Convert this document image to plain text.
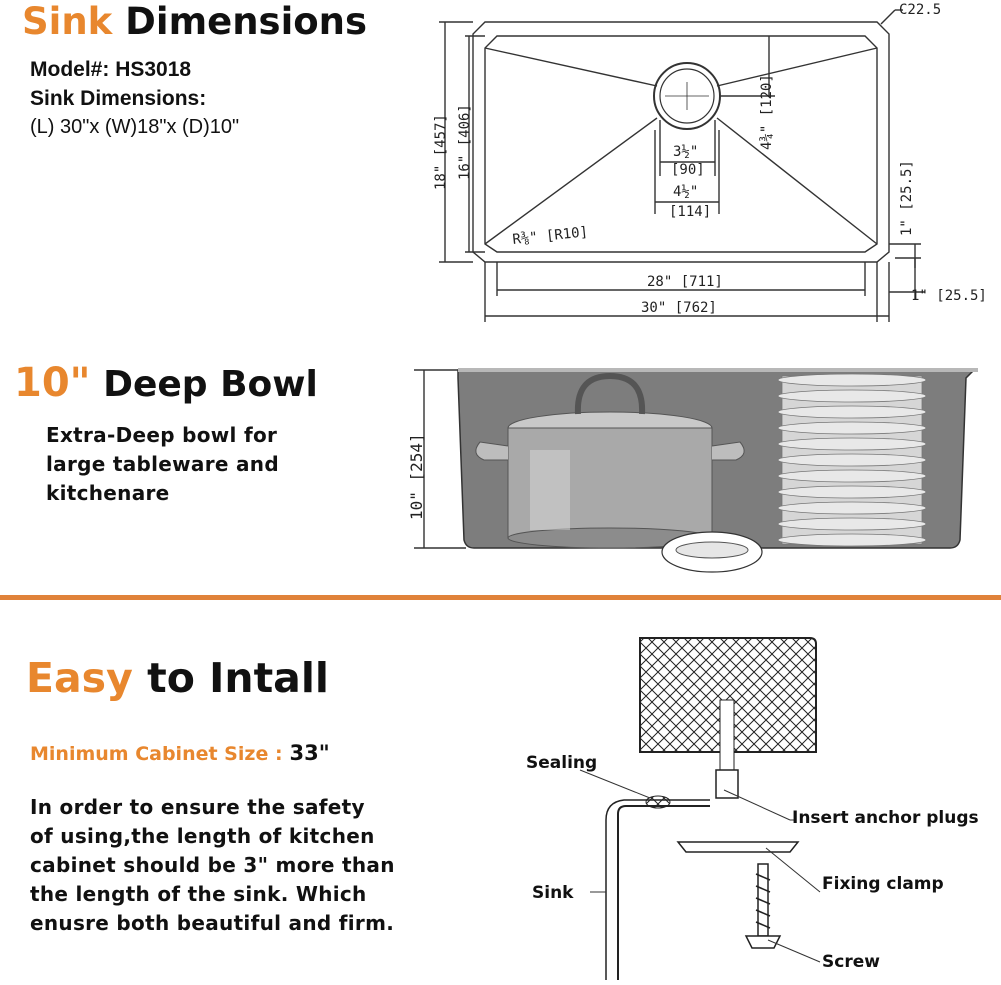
Sink Dimensions
Model#: HS3018
Sink Dimensions:
(L) 30"x (W)18"x (D)10"
C22.5
18" [457] 16" [406]	3½"
[90]
4½"
[114]
4¾" [120]
R⅜" [R10]
1" [25.5]
1" [25.5]
28" [711]
30" [762]
10" Deep Bowl
Extra-Deep bowl for
large tableware and
kitchenare	10" [254]
Easy to Intall
Minimum Cabinet Size : 33"
In order to ensure the safety
of using,the length of kitchen
cabinet should be 3" more than
the length of the sink. Which
enusre both beautiful and firm.
Sealing
Sink
Insert anchor plugs
Fixing clamp
Screw
